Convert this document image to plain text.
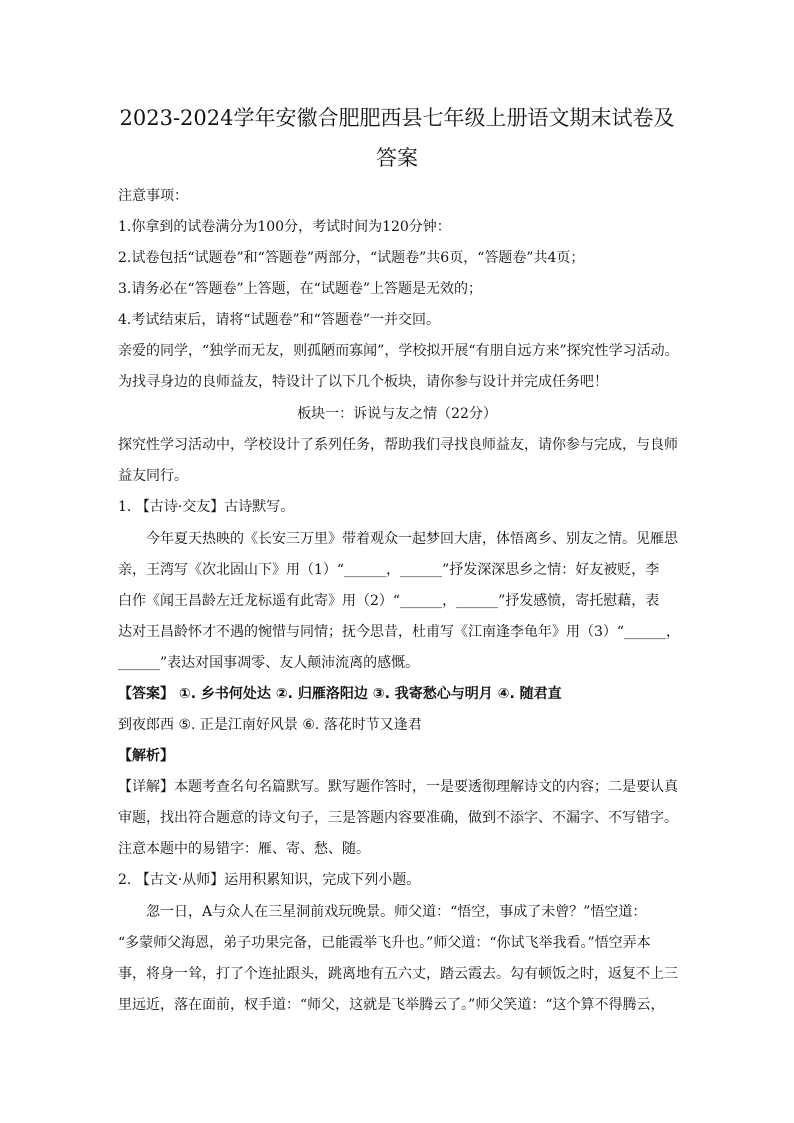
2023-2024学年安徽合肥肥西县七年级上册语文期末试卷及
答案
注意事项：
1.你拿到的试卷满分为100分，考试时间为120分钟：
2.试卷包括“试题卷”和“答题卷”两部分，“试题卷”共6页，“答题卷”共4页；
3.请务必在“答题卷”上答题，在“试题卷”上答题是无效的；
4.考试结束后，请将“试题卷”和“答题卷”一并交回。
亲爱的同学，“独学而无友，则孤陋而寡闻”，学校拟开展“有朋自远方来”探究性学习活动。
为找寻身边的良师益友，特设计了以下几个板块，请你参与设计并完成任务吧！
板块一：诉说与友之情（22分）
探究性学习活动中，学校设计了系列任务，帮助我们寻找良师益友，请你参与完成，与良师
益友同行。
1. 【古诗·交友】古诗默写。
今年夏天热映的《长安三万里》带着观众一起梦回大唐，体悟离乡、别友之情。见雁思
亲，王湾写《次北固山下》用（1）“______，______”抒发深深思乡之情：好友被贬，李
白作《闻王昌龄左迁龙标遥有此寄》用（2）“______，______”抒发感愤，寄托慰藉，表
达对王昌龄怀才不遇的惋惜与同情；抚今思昔，杜甫写《江南逢李龟年》用（3）“______，
______”表达对国事凋零、友人颠沛流离的感慨。
【答案】 ①. 乡书何处达 ②. 归雁洛阳边 ③. 我寄愁心与明月 ④. 随君直
到夜郎西 ⑤. 正是江南好风景 ⑥. 落花时节又逢君
【解析】
【详解】本题考查名句名篇默写。默写题作答时，一是要透彻理解诗文的内容；二是要认真
审题，找出符合题意的诗文句子，三是答题内容要准确，做到不添字、不漏字、不写错字。
注意本题中的易错字：雁、寄、愁、随。
2. 【古文·从师】运用积累知识，完成下列小题。
忽一日，A与众人在三星洞前戏玩晚景。师父道：“悟空，事成了未曾？”悟空道：
“多蒙师父海恩，弟子功果完备，已能霞举飞升也。”师父道：“你试飞举我看。”悟空弄本
事，将身一耸，打了个连扯跟头，跳离地有五六丈，踏云霞去。勾有顿饭之时，返复不上三
里远近，落在面前，杈手道：“师父，这就是飞举腾云了。”师父笑道：“这个算不得腾云，
